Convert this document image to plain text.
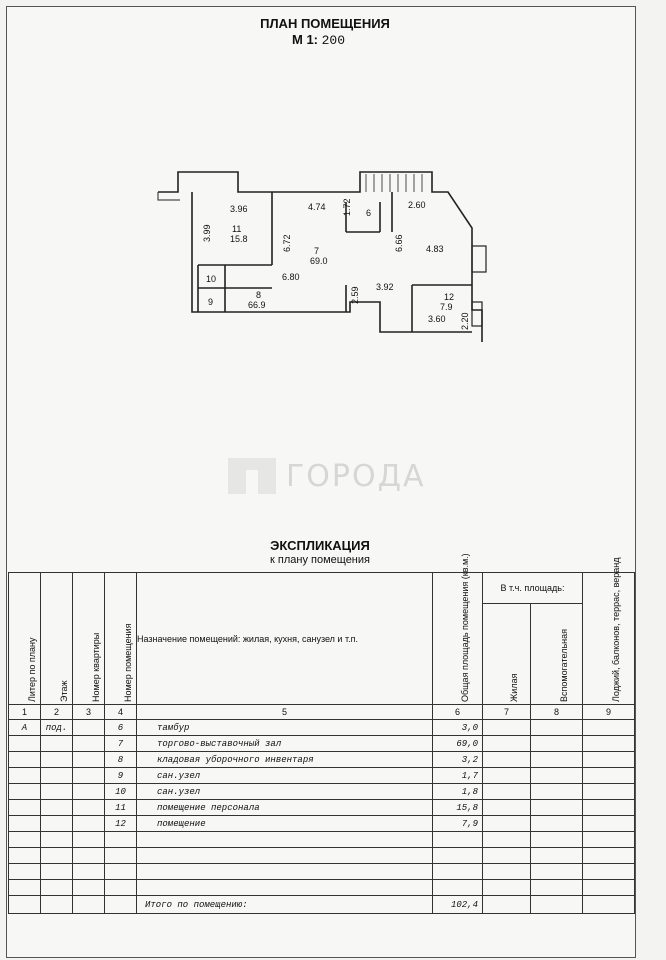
ПЛАН ПОМЕЩЕНИЯ
М 1: 200
3.96	4.74 1.72	2.60
3.99
6.72	6.66 4.83
6.80
2.59 3.92
2.20
3.60
11
15.8
7
69.0
6
8
66.9
9
10
12
7.9
ГОРОДА
ЭКСПЛИКАЦИЯ
к плану помещения
Литер по плану	Этаж	Номер квартиры	Номер помещения	Назначение помещений: жилая, кухня, санузел и т.п.	Общая площадь помещения (кв.м.)	В т.ч. площадь:		Лоджий, балконов, террас, веранд
						Жилая	Вспомогательная	
1	2	3	4	5	6	7	8	9
А	под.		6	тамбур	3,0			
			7	торгово-выставочный зал	69,0			
			8	кладовая уборочного инвентаря	3,2			
			9	сан.узел	1,7			
			10	сан.узел	1,8			
			11	помещение персонала	15,8			
			12	помещение	7,9			

				Итого по помещению:	102,4			
